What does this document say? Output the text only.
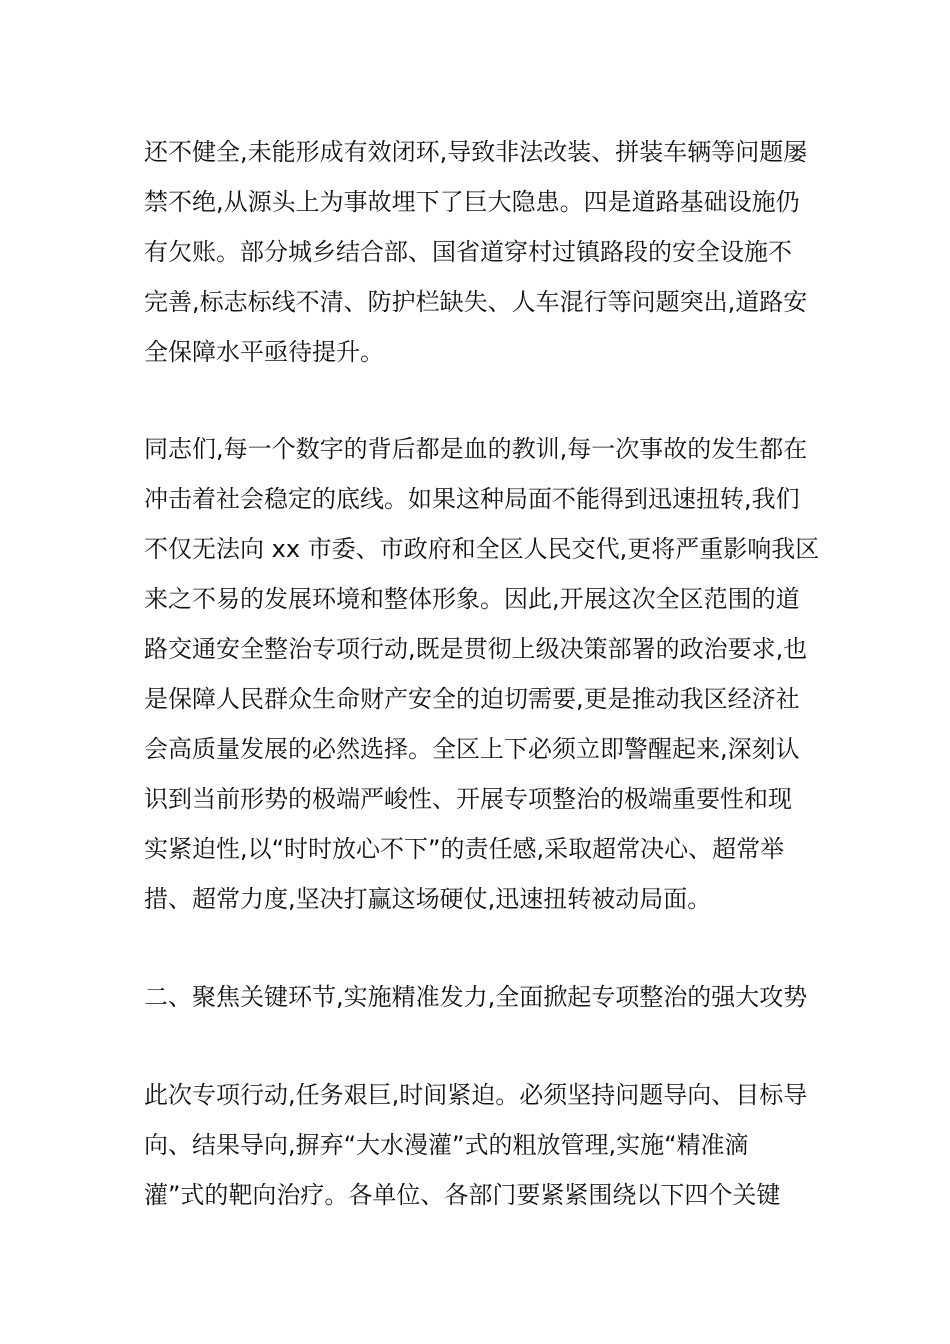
还不健全,未能形成有效闭环,导致非法改装、拼装车辆等问题屡
禁不绝,从源头上为事故埋下了巨大隐患。四是道路基础设施仍
有欠账。部分城乡结合部、国省道穿村过镇路段的安全设施不
完善,标志标线不清、防护栏缺失、人车混行等问题突出,道路安
全保障水平亟待提升。
同志们,每一个数字的背后都是血的教训,每一次事故的发生都在
冲击着社会稳定的底线。如果这种局面不能得到迅速扭转,我们
不仅无法向 xx 市委、市政府和全区人民交代,更将严重影响我区
来之不易的发展环境和整体形象。因此,开展这次全区范围的道
路交通安全整治专项行动,既是贯彻上级决策部署的政治要求,也
是保障人民群众生命财产安全的迫切需要,更是推动我区经济社
会高质量发展的必然选择。全区上下必须立即警醒起来,深刻认
识到当前形势的极端严峻性、开展专项整治的极端重要性和现
实紧迫性,以“时时放心不下”的责任感,采取超常决心、超常举
措、超常力度,坚决打赢这场硬仗,迅速扭转被动局面。
二、聚焦关键环节,实施精准发力,全面掀起专项整治的强大攻势
此次专项行动,任务艰巨,时间紧迫。必须坚持问题导向、目标导
向、结果导向,摒弃“大水漫灌”式的粗放管理,实施“精准滴
灌”式的靶向治疗。各单位、各部门要紧紧围绕以下四个关键
